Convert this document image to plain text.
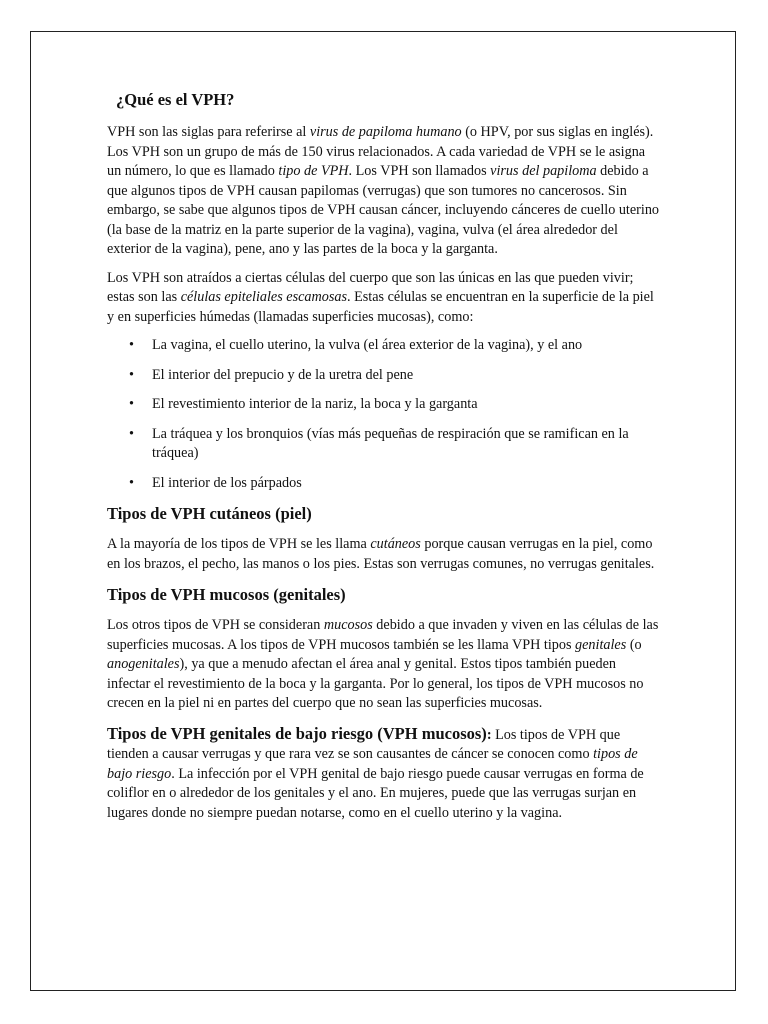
¿Qué es el VPH?

VPH son las siglas para referirse al virus de papiloma humano (o HPV, por sus siglas en inglés). Los VPH son un grupo de más de 150 virus relacionados. A cada variedad de VPH se le asigna un número, lo que es llamado tipo de VPH. Los VPH son llamados virus del papiloma debido a que algunos tipos de VPH causan papilomas (verrugas) que son tumores no cancerosos. Sin embargo, se sabe que algunos tipos de VPH causan cáncer, incluyendo cánceres de cuello uterino (la base de la matriz en la parte superior de la vagina), vagina, vulva (el área alrededor del exterior de la vagina), pene, ano y las partes de la boca y la garganta.

Los VPH son atraídos a ciertas células del cuerpo que son las únicas en las que pueden vivir; estas son las células epiteliales escamosas. Estas células se encuentran en la superficie de la piel y en superficies húmedas (llamadas superficies mucosas), como:

• La vagina, el cuello uterino, la vulva (el área exterior de la vagina), y el ano
• El interior del prepucio y de la uretra del pene
• El revestimiento interior de la nariz, la boca y la garganta
• La tráquea y los bronquios (vías más pequeñas de respiración que se ramifican en la tráquea)
• El interior de los párpados
Tipos de VPH cutáneos (piel)

A la mayoría de los tipos de VPH se les llama cutáneos porque causan verrugas en la piel, como en los brazos, el pecho, las manos o los pies. Estas son verrugas comunes, no verrugas genitales.

Tipos de VPH mucosos (genitales)

Los otros tipos de VPH se consideran mucosos debido a que invaden y viven en las células de las superficies mucosas. A los tipos de VPH mucosos también se les llama VPH tipos genitales (o anogenitales), ya que a menudo afectan el área anal y genital. Estos tipos también pueden infectar el revestimiento de la boca y la garganta. Por lo general, los tipos de VPH mucosos no crecen en la piel ni en partes del cuerpo que no sean las superficies mucosas.

Tipos de VPH genitales de bajo riesgo (VPH mucosos): Los tipos de VPH que tienden a causar verrugas y que rara vez se son causantes de cáncer se conocen como tipos de bajo riesgo. La infección por el VPH genital de bajo riesgo puede causar verrugas en forma de coliflor en o alrededor de los genitales y el ano. En mujeres, puede que las verrugas surjan en lugares donde no siempre puedan notarse, como en el cuello uterino y la vagina.
